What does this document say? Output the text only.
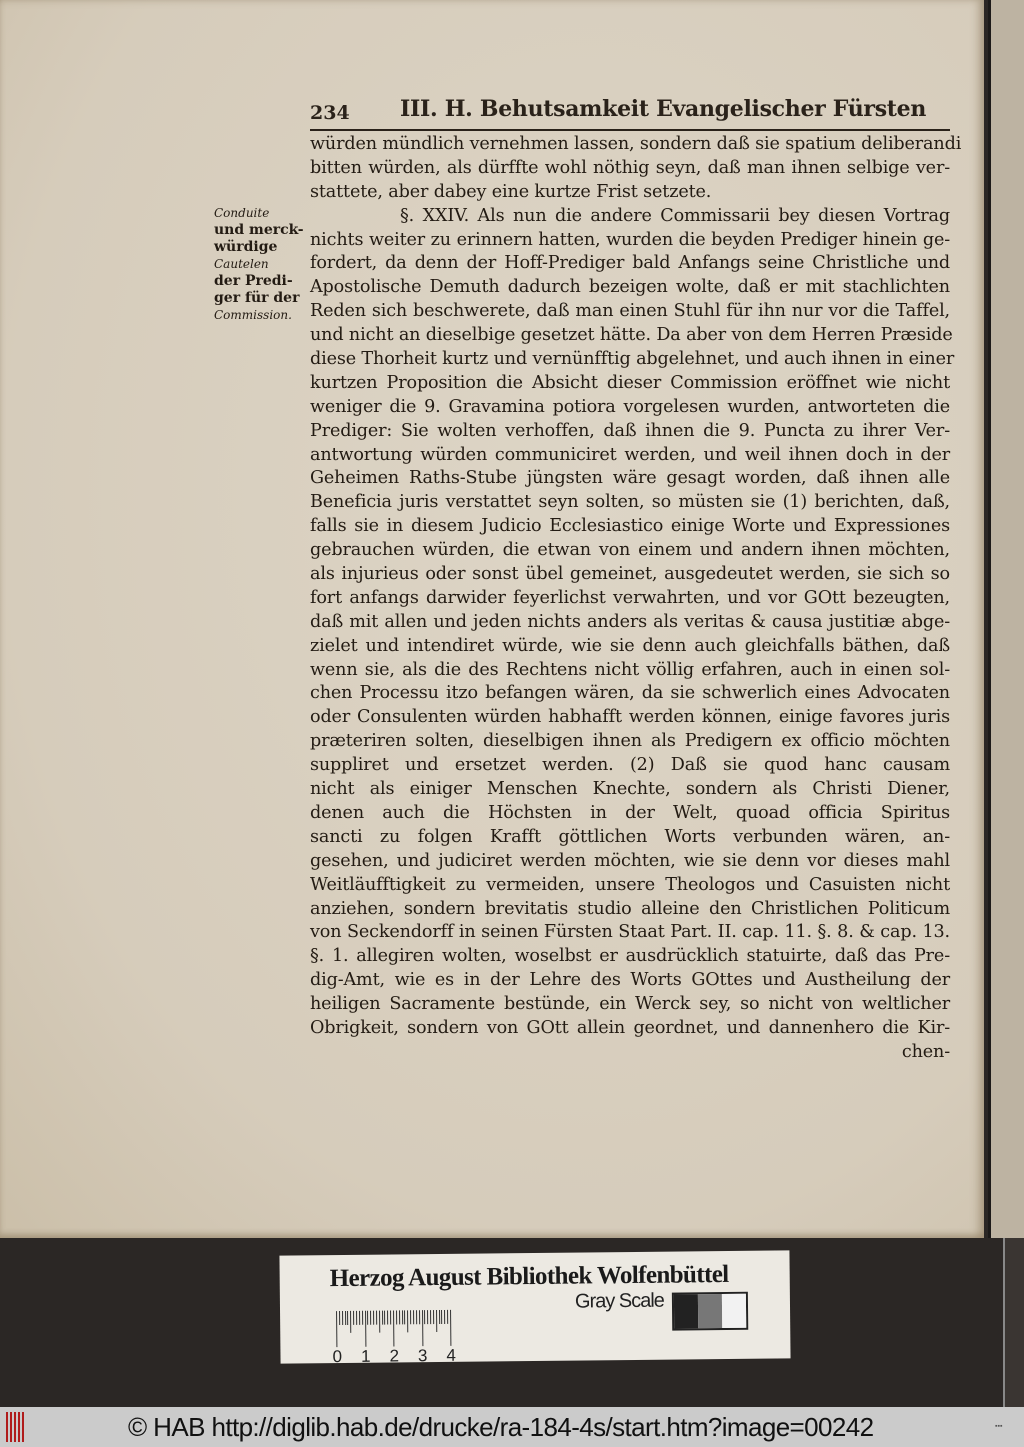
234 III. H. Behutsamkeit Evangelischer Fürsten
Conduite
und merck-
würdige
Cautelen
der Predi-
ger für der
Commission.
würden mündlich vernehmen lassen, sondern daß sie spatium deliberandi
bitten würden, als dürffte wohl nöthig seyn, daß man ihnen selbige ver-
stattete, aber dabey eine kurtze Frist setzete.
§. XXIV. Als nun die andere Commissarii bey diesen Vortrag
nichts weiter zu erinnern hatten, wurden die beyden Prediger hinein ge-
fordert, da denn der Hoff-Prediger bald Anfangs seine Christliche und
Apostolische Demuth dadurch bezeigen wolte, daß er mit stachlichten
Reden sich beschwerete, daß man einen Stuhl für ihn nur vor die Taffel,
und nicht an dieselbige gesetzet hätte. Da aber von dem Herren Præside
diese Thorheit kurtz und vernünfftig abgelehnet, und auch ihnen in einer
kurtzen Proposition die Absicht dieser Commission eröffnet wie nicht
weniger die 9. Gravamina potiora vorgelesen wurden, antworteten die
Prediger: Sie wolten verhoffen, daß ihnen die 9. Puncta zu ihrer Ver-
antwortung würden communiciret werden, und weil ihnen doch in der
Geheimen Raths-Stube jüngsten wäre gesagt worden, daß ihnen alle
Beneficia juris verstattet seyn solten, so müsten sie (1) berichten, daß,
falls sie in diesem Judicio Ecclesiastico einige Worte und Expressiones
gebrauchen würden, die etwan von einem und andern ihnen möchten,
als injurieus oder sonst übel gemeinet, ausgedeutet werden, sie sich so
fort anfangs darwider feyerlichst verwahrten, und vor GOtt bezeugten,
daß mit allen und jeden nichts anders als veritas & causa justitiæ abge-
zielet und intendiret würde, wie sie denn auch gleichfalls bäthen, daß
wenn sie, als die des Rechtens nicht völlig erfahren, auch in einen sol-
chen Processu itzo befangen wären, da sie schwerlich eines Advocaten
oder Consulenten würden habhafft werden können, einige favores juris
præteriren solten, dieselbigen ihnen als Predigern ex officio möchten
suppliret und ersetzet werden. (2) Daß sie quod hanc causam
nicht als einiger Menschen Knechte, sondern als Christi Diener,
denen auch die Höchsten in der Welt, quoad officia Spiritus
sancti zu folgen Krafft göttlichen Worts verbunden wären, an-
gesehen, und judiciret werden möchten, wie sie denn vor dieses mahl
Weitläufftigkeit zu vermeiden, unsere Theologos und Casuisten nicht
anziehen, sondern brevitatis studio alleine den Christlichen Politicum
von Seckendorff in seinen Fürsten Staat Part. II. cap. 11. §. 8. & cap. 13.
§. 1. allegiren wolten, woselbst er ausdrücklich statuirte, daß das Pre-
dig-Amt, wie es in der Lehre des Worts GOttes und Austheilung der
heiligen Sacramente bestünde, ein Werck sey, so nicht von weltlicher
Obrigkeit, sondern von GOtt allein geordnet, und dannenhero die Kir-
chen-
Herzog August Bibliothek Wolfenbüttel
0 1 2 3 4
Gray Scale
© HAB http://diglib.hab.de/drucke/ra-184-4s/start.htm?image=00242	▪▪▪
